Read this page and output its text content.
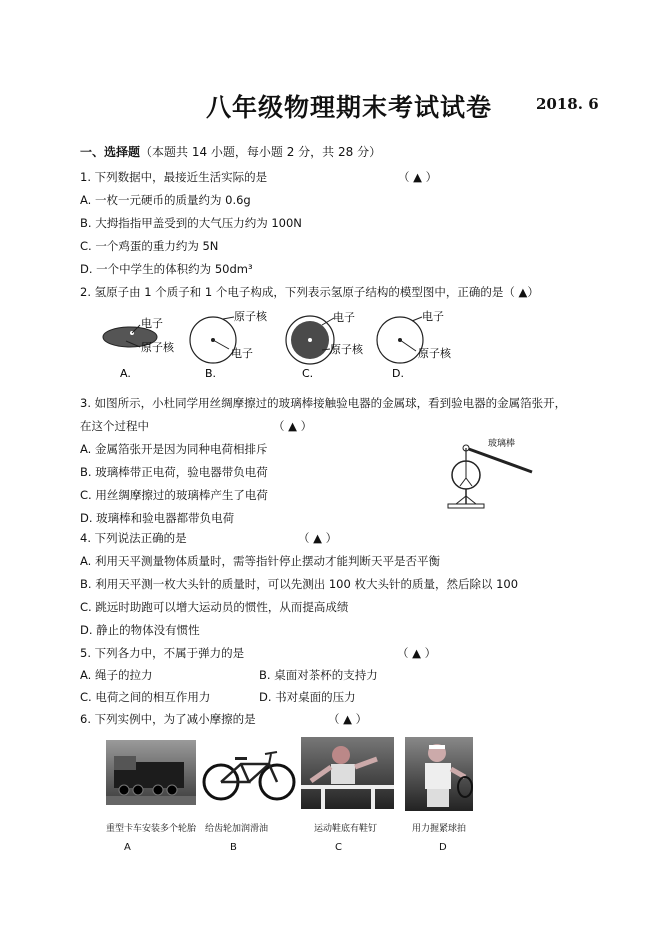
八年级物理期末考试试卷	2018. 6
一、选择题（本题共 14 小题，每小题 2 分，共 28 分）
1. 下列数据中，最接近生活实际的是	（ ▲ ）
A. 一枚一元硬币的质量约为 0.6g
B. 大拇指指甲盖受到的大气压力约为 100N
C. 一个鸡蛋的重力约为 5N
D. 一个中学生的体积约为 50dm³
2. 氢原子由 1 个质子和 1 个电子构成，下列表示氢原子结构的模型图中，正确的是（ ▲）
电子
原子核
A.
原子核
电子
B.
电子
原子核
C.
电子
原子核
D.
3. 如图所示，小杜同学用丝绸摩擦过的玻璃棒接触验电器的金属球，看到验电器的金属箔张开，
在这个过程中	（ ▲ ）
A. 金属箔张开是因为同种电荷相排斥
B. 玻璃棒带正电荷，验电器带负电荷
C. 用丝绸摩擦过的玻璃棒产生了电荷
D. 玻璃棒和验电器都带负电荷
玻璃棒
4. 下列说法正确的是	（ ▲ ）
A. 利用天平测量物体质量时，需等指针停止摆动才能判断天平是否平衡
B. 利用天平测一枚大头针的质量时，可以先测出 100 枚大头针的质量，然后除以 100
C. 跳远时助跑可以增大运动员的惯性，从而提高成绩
D. 静止的物体没有惯性
5. 下列各力中，不属于弹力的是	（ ▲ ）
A. 绳子的拉力	B. 桌面对茶杯的支持力
C. 电荷之间的相互作用力	D. 书对桌面的压力
6. 下列实例中，为了减小摩擦的是	（ ▲ ）
重型卡车安装多个轮胎 给齿轮加润滑油	运动鞋底有鞋钉	用力握紧球拍
A	B	C	D
